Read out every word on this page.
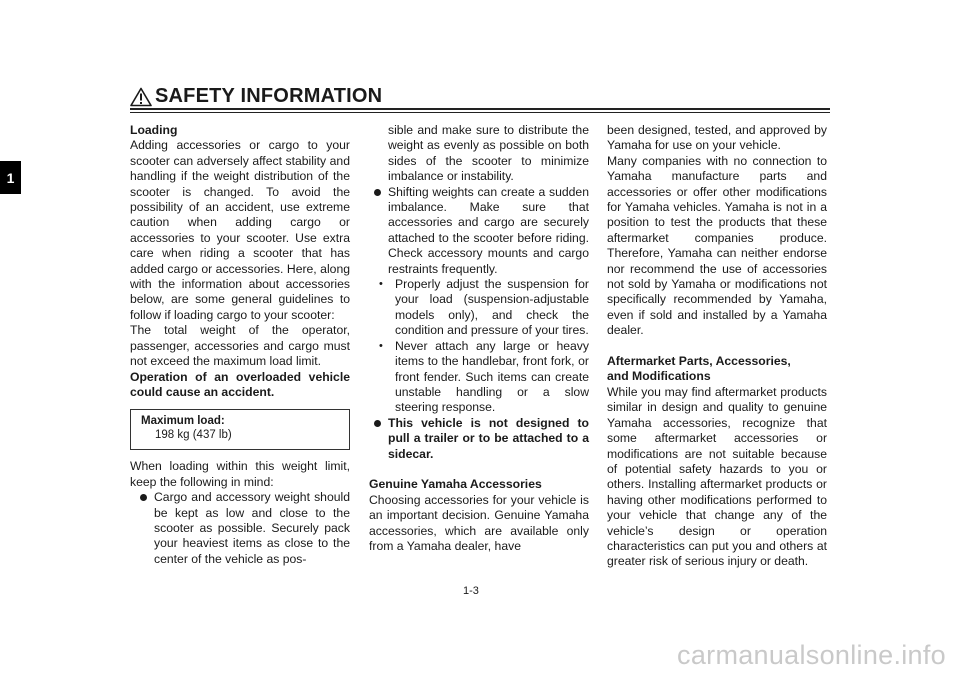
1
SAFETY INFORMATION

Loading

Adding accessories or cargo to your scooter can adversely affect stability and handling if the weight distribution of the scooter is changed. To avoid the possibility of an accident, use extreme caution when adding cargo or accessories to your scooter. Use extra care when riding a scooter that has added cargo or accessories. Here, along with the information about accessories below, are some general guidelines to follow if loading cargo to your scooter:

The total weight of the operator, passenger, accessories and cargo must not exceed the maximum load limit.

Operation of an overloaded vehicle could cause an accident.

Maximum load:
198 kg (437 lb)

When loading within this weight limit, keep the following in mind:

Cargo and accessory weight should be kept as low and close to the scooter as possible. Securely pack your heaviest items as close to the center of the vehicle as pos-

sible and make sure to distribute the weight as evenly as possible on both sides of the scooter to minimize imbalance or instability.

Shifting weights can create a sudden imbalance. Make sure that accessories and cargo are securely attached to the scooter before riding. Check accessory mounts and cargo restraints frequently.
• Properly adjust the suspension for your load (suspension-adjustable models only), and check the condition and pressure of your tires.
• Never attach any large or heavy items to the handlebar, front fork, or front fender. Such items can create unstable handling or a slow steering response.
This vehicle is not designed to pull a trailer or to be attached to a sidecar.

Genuine Yamaha Accessories

Choosing accessories for your vehicle is an important decision. Genuine Yamaha accessories, which are available only from a Yamaha dealer, have

been designed, tested, and approved by Yamaha for use on your vehicle.

Many companies with no connection to Yamaha manufacture parts and accessories or offer other modifications for Yamaha vehicles. Yamaha is not in a position to test the products that these aftermarket companies produce. Therefore, Yamaha can neither endorse nor recommend the use of accessories not sold by Yamaha or modifications not specifically recommended by Yamaha, even if sold and installed by a Yamaha dealer.

Aftermarket Parts, Accessories,

and Modifications

While you may find aftermarket products similar in design and quality to genuine Yamaha accessories, recognize that some aftermarket accessories or modifications are not suitable because of potential safety hazards to you or others. Installing aftermarket products or having other modifications performed to your vehicle that change any of the vehicle’s design or operation characteristics can put you and others at greater risk of serious injury or death.

1-3
carmanualsonline.info
